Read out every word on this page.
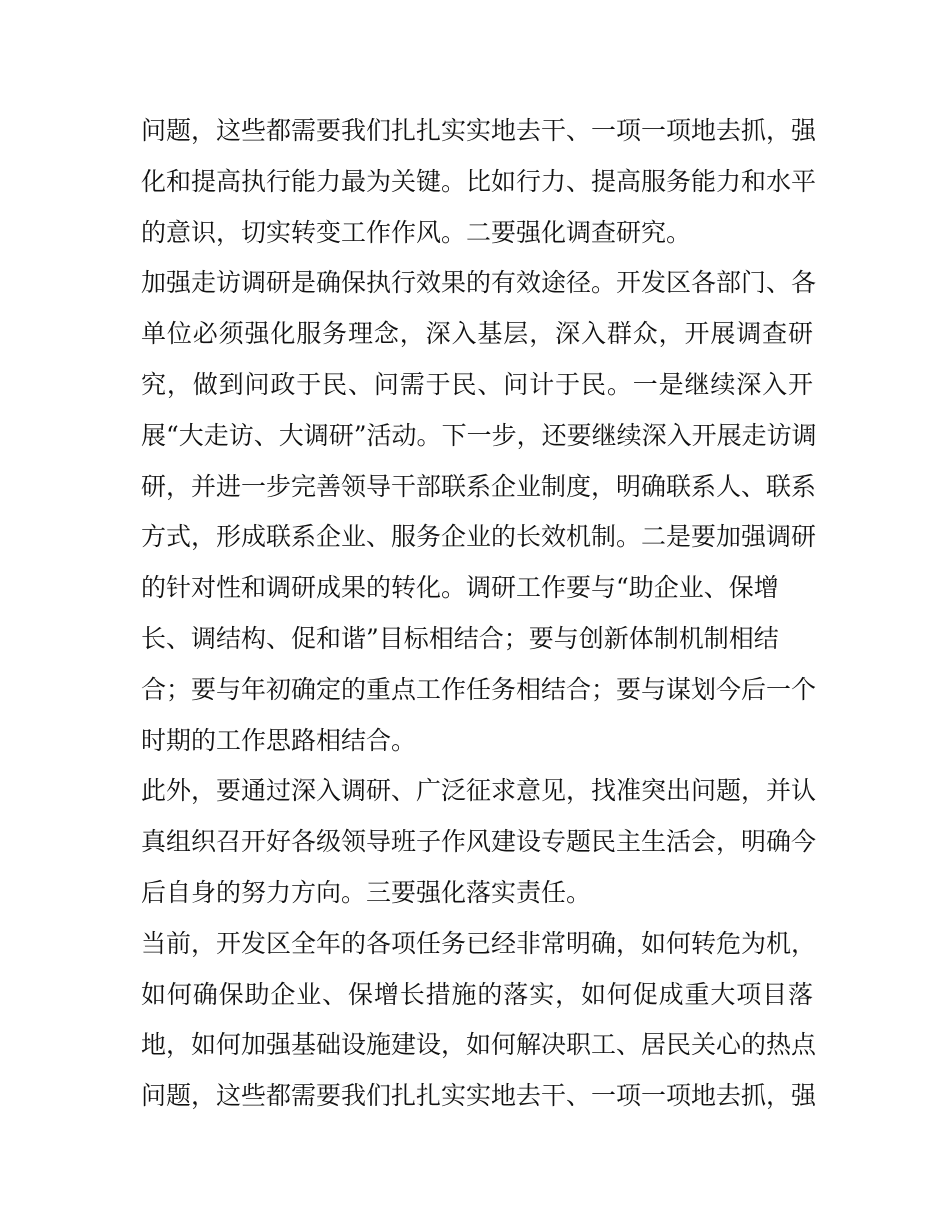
问题，这些都需要我们扎扎实实地去干、一项一项地去抓，强
化和提高执行能力最为关键。比如行力、提高服务能力和水平
的意识，切实转变工作作风。二要强化调查研究。
加强走访调研是确保执行效果的有效途径。开发区各部门、各
单位必须强化服务理念，深入基层，深入群众，开展调查研
究，做到问政于民、问需于民、问计于民。一是继续深入开
展“大走访、大调研”活动。下一步，还要继续深入开展走访调
研，并进一步完善领导干部联系企业制度，明确联系人、联系
方式，形成联系企业、服务企业的长效机制。二是要加强调研
的针对性和调研成果的转化。调研工作要与“助企业、保增
长、调结构、促和谐”目标相结合；要与创新体制机制相结
合；要与年初确定的重点工作任务相结合；要与谋划今后一个
时期的工作思路相结合。
此外，要通过深入调研、广泛征求意见，找准突出问题，并认
真组织召开好各级领导班子作风建设专题民主生活会，明确今
后自身的努力方向。三要强化落实责任。
当前，开发区全年的各项任务已经非常明确，如何转危为机，
如何确保助企业、保增长措施的落实，如何促成重大项目落
地，如何加强基础设施建设，如何解决职工、居民关心的热点
问题，这些都需要我们扎扎实实地去干、一项一项地去抓，强
